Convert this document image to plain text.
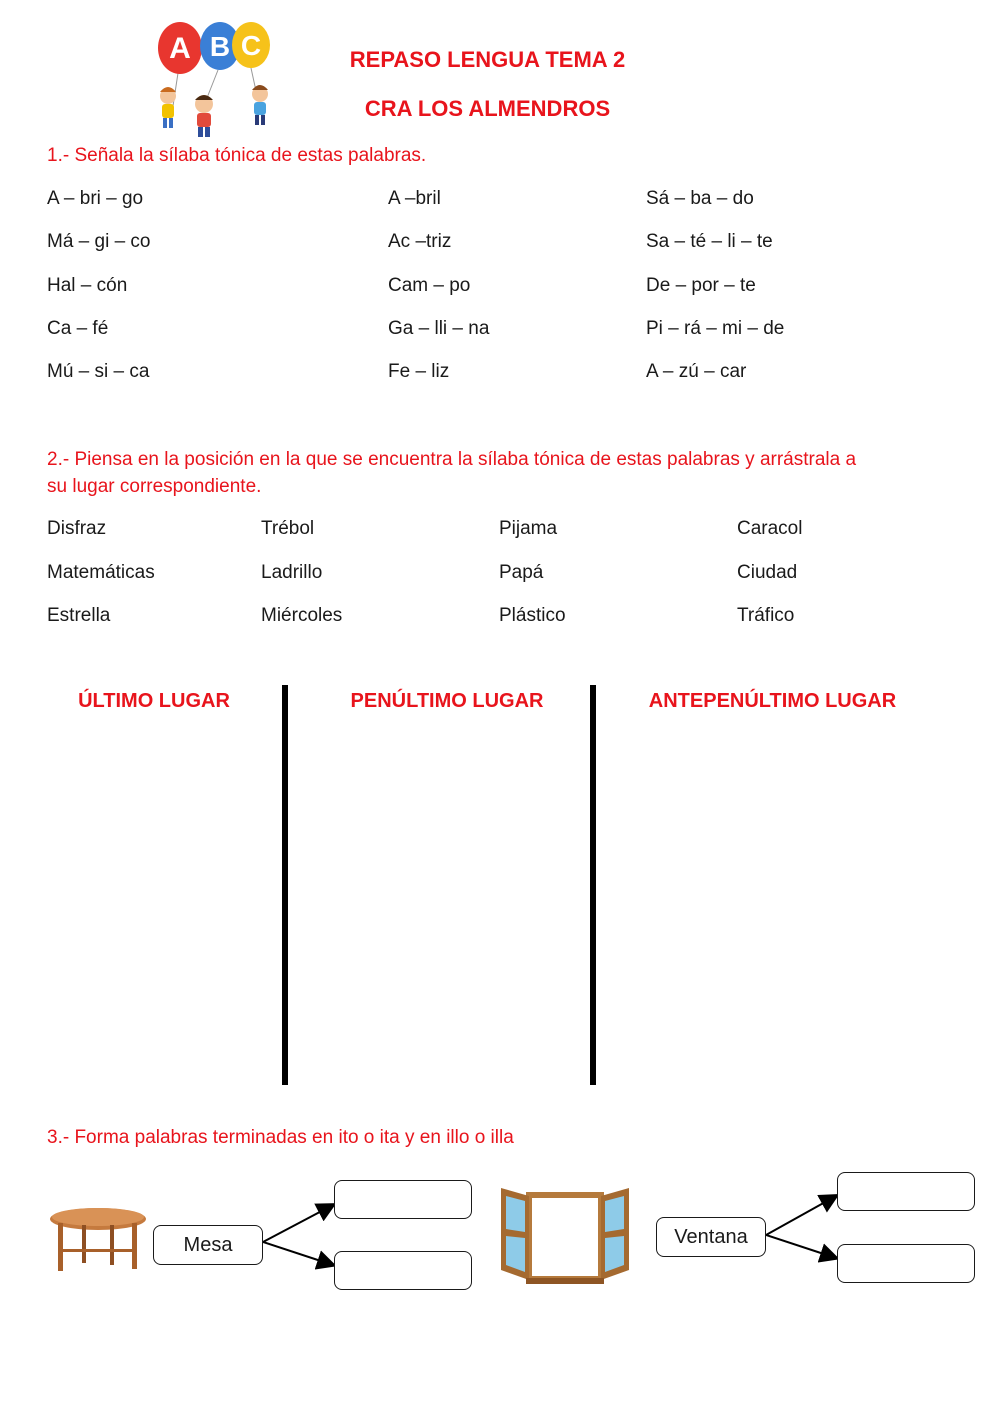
A B C	REPASO LENGUA TEMA 2
CRA LOS ALMENDROS
1.- Señala la sílaba tónica de estas palabras.
A – bri – go	A –bril	Sá – ba – do
Má – gi – co	Ac –triz	Sa – té – li – te
Hal – cón	Cam – po	De – por – te
Ca – fé	Ga – lli – na	Pi – rá – mi – de
Mú – si – ca	Fe – liz	A – zú – car
2.- Piensa en la posición en la que se encuentra la sílaba tónica de estas palabras y arrástrala a
su lugar correspondiente.
Disfraz	Trébol	Pijama	Caracol
Matemáticas	Ladrillo	Papá	Ciudad
Estrella	Miércoles	Plástico	Tráfico
ÚLTIMO LUGAR	PENÚLTIMO LUGAR	ANTEPENÚLTIMO LUGAR
3.- Forma palabras terminadas en ito o ita y en illo o illa
Mesa	Ventana
